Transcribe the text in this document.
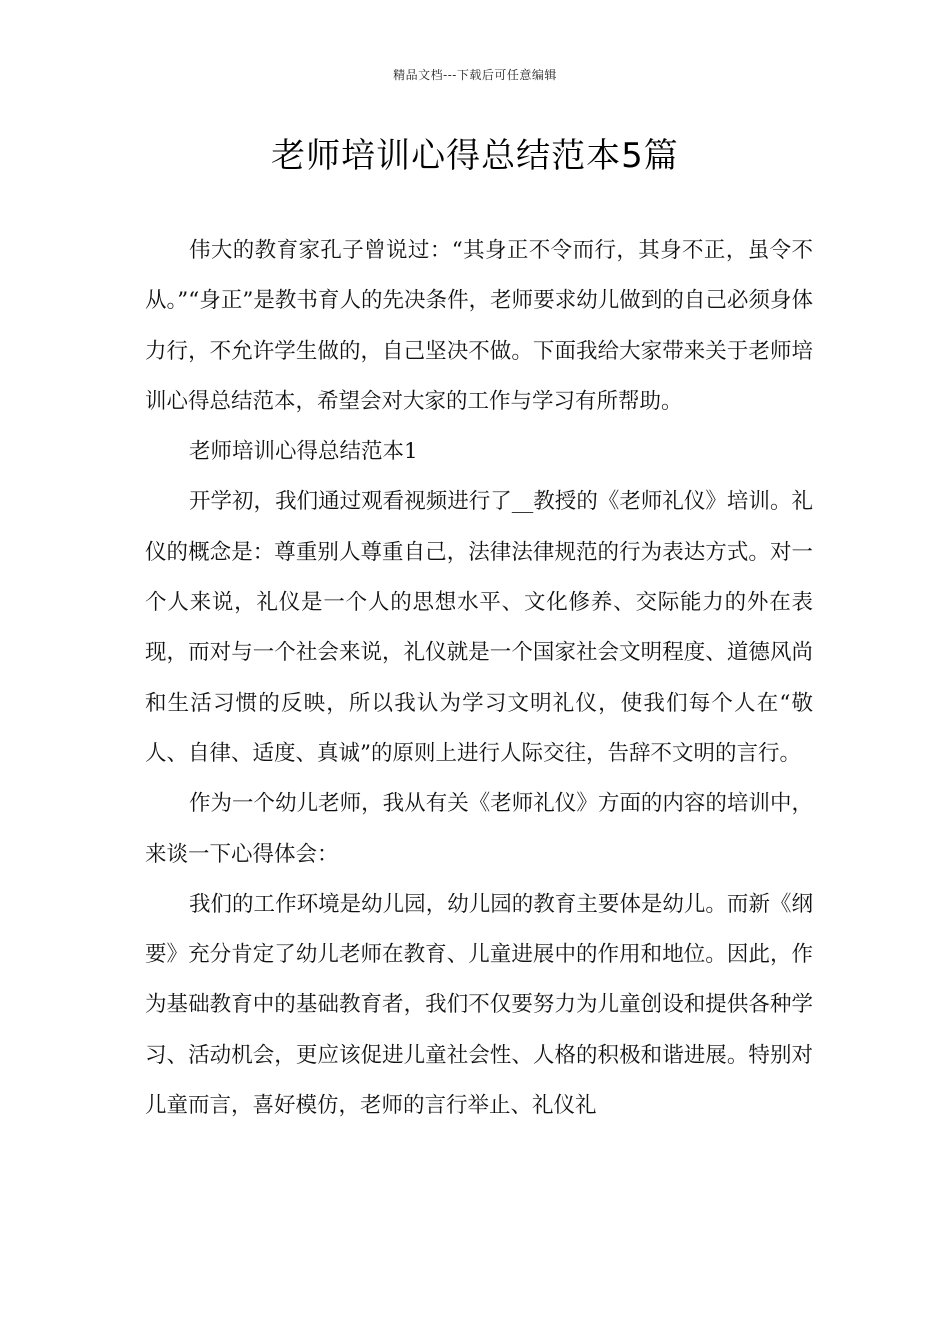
精品文档---下载后可任意编辑
老师培训心得总结范本5篇

伟大的教育家孔子曾说过：“其身正不令而行，其身不正，虽令不从。”“身正”是教书育人的先决条件，老师要求幼儿做到的自己必须身体力行，不允许学生做的，自己坚决不做。下面我给大家带来关于老师培训心得总结范本，希望会对大家的工作与学习有所帮助。

老师培训心得总结范本1

开学初，我们通过观看视频进行了__教授的《老师礼仪》培训。礼仪的概念是：尊重别人尊重自己，法律法律规范的行为表达方式。对一个人来说，礼仪是一个人的思想水平、文化修养、交际能力的外在表现，而对与一个社会来说，礼仪就是一个国家社会文明程度、道德风尚和生活习惯的反映，所以我认为学习文明礼仪，使我们每个人在“敬人、自律、适度、真诚”的原则上进行人际交往，告辞不文明的言行。

作为一个幼儿老师，我从有关《老师礼仪》方面的内容的培训中，来谈一下心得体会：

我们的工作环境是幼儿园，幼儿园的教育主要体是幼儿。而新《纲要》充分肯定了幼儿老师在教育、儿童进展中的作用和地位。因此，作为基础教育中的基础教育者，我们不仅要努力为儿童创设和提供各种学习、活动机会，更应该促进儿童社会性、人格的积极和谐进展。特别对儿童而言，喜好模仿，老师的言行举止、礼仪礼
